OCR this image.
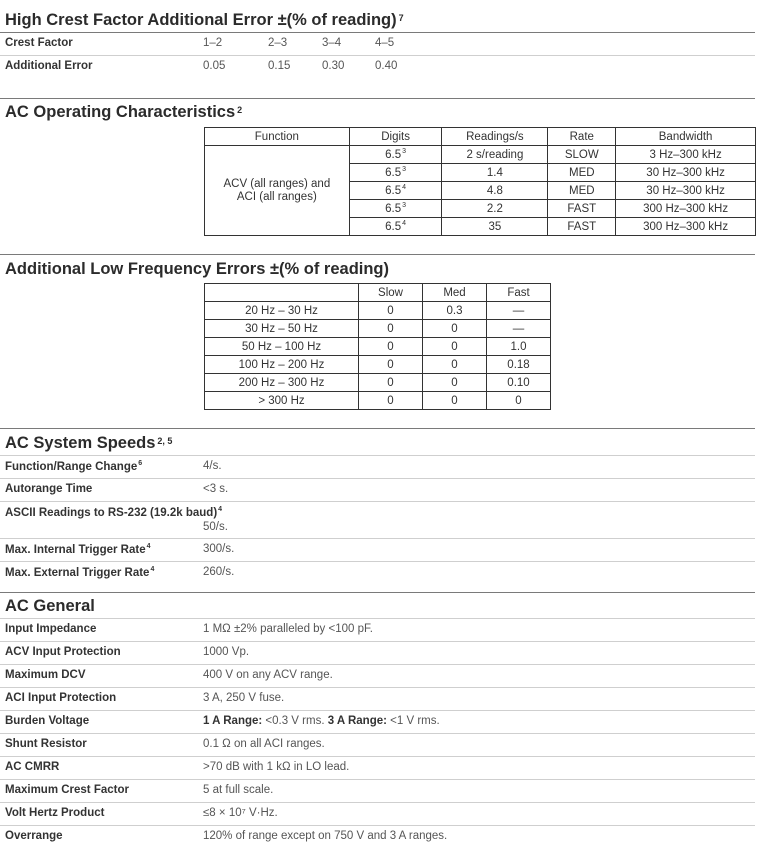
High Crest Factor Additional Error ±(% of reading) $^7$
Crest Factor	1–2	2–3	3–4	4–5
Additional Error	0.05	0.15	0.30	0.40
AC Operating Characteristics $^2$
Function	Digits	Readings/s	Rate	Bandwidth

ACV (all ranges) and
ACI (all ranges)	$6.5^3$	2 s/reading	SLOW	3 Hz–300 kHz
	$6.5^3$	1.4	MED	30 Hz–300 kHz
	$6.5^4$	4.8	MED	30 Hz–300 kHz
	$6.5^3$	2.2	FAST	300 Hz–300 kHz
	$6.5^4$	35	FAST	300 Hz–300 kHz
Additional Low Frequency Errors ±(% of reading)
	Slow	Med	Fast
20 Hz – 30 Hz	0	0.3	—
30 Hz – 50 Hz	0	0	—
50 Hz – 100 Hz	0	0	1.0
100 Hz – 200 Hz	0	0	0.18
200 Hz – 300 Hz	0	0	0.10
> 300 Hz	0	0	0
AC System Speeds $^{2, 5}$
Function/Range Change$^6$	4/s.
Autorange Time	<3 s.
ASCII Readings to RS-232 (19.2k baud)$^4$
50/s.
Max. Internal Trigger Rate$^4$	300/s.
Max. External Trigger Rate$^4$	260/s.
AC General
Input Impedance	1 MΩ ±2% paralleled by <100 pF.
ACV Input Protection	1000 Vp.
Maximum DCV	400 V on any ACV range.
ACI Input Protection	3 A, 250 V fuse.
Burden Voltage	1 A Range: <0.3 V rms. 3 A Range: <1 V rms.
Shunt Resistor	0.1 Ω on all ACI ranges.
AC CMRR	>70 dB with 1 kΩ in LO lead.
Maximum Crest Factor	5 at full scale.
Volt Hertz Product	≤8 × 10⁷ V·Hz.
Overrange	120% of range except on 750 V and 3 A ranges.
